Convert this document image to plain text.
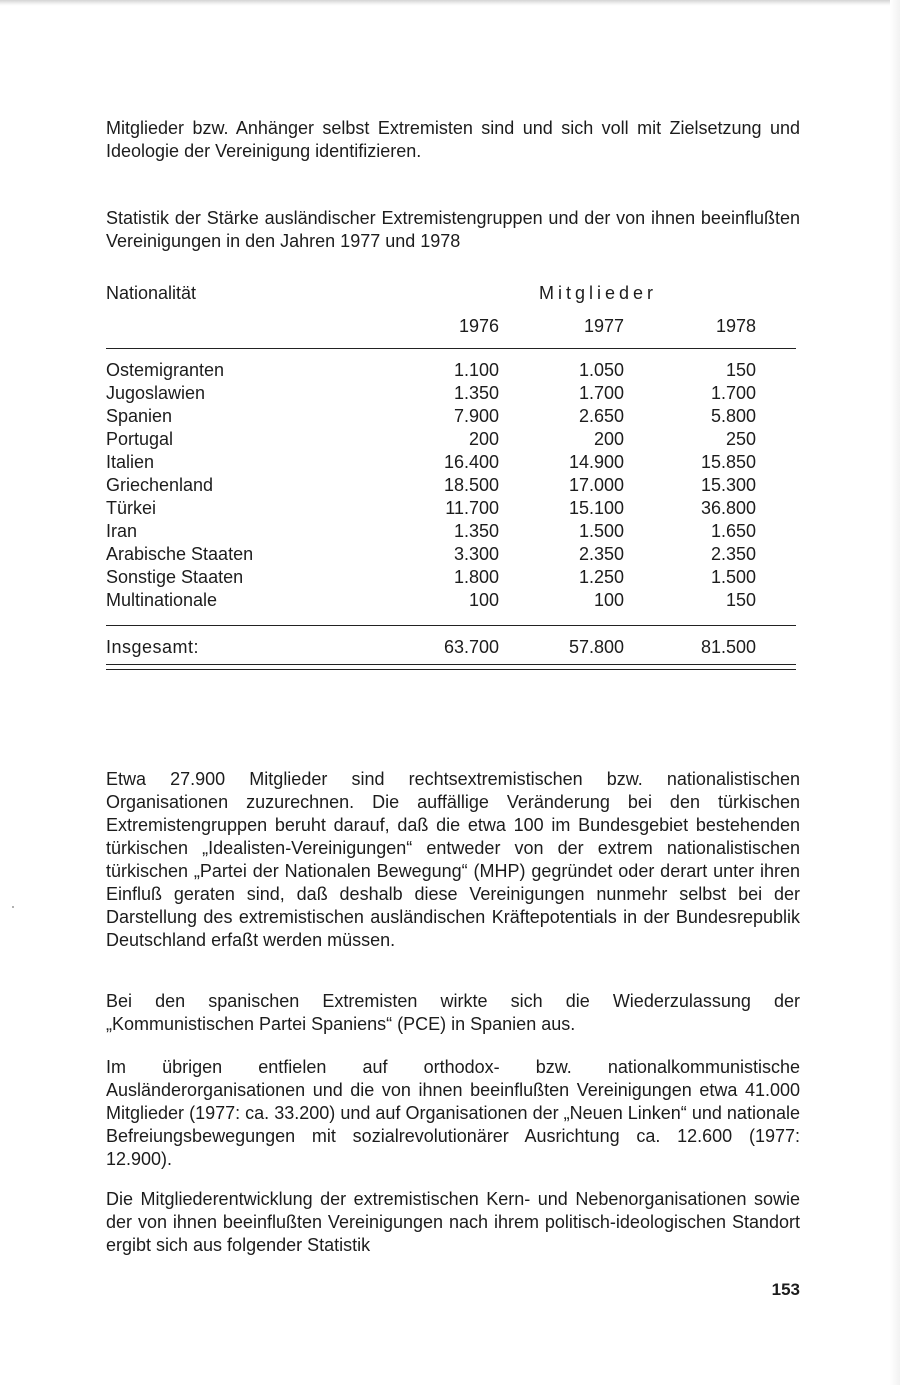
Mitglieder bzw. Anhänger selbst Extremisten sind und sich voll mit Zielsetzung und Ideologie der Vereinigung identifizieren.

Statistik der Stärke ausländischer Extremistengruppen und der von ihnen beeinflußten Vereinigungen in den Jahren 1977 und 1978

Nationalität	Mitglieder
1976	1977	1978
Ostemigranten	1.100	1.050	150
Jugoslawien	1.350	1.700	1.700
Spanien	7.900	2.650	5.800
Portugal	200	200	250
Italien	16.400	14.900	15.850
Griechenland	18.500	17.000	15.300
Türkei	11.700	15.100	36.800
Iran	1.350	1.500	1.650
Arabische Staaten	3.300	2.350	2.350
Sonstige Staaten	1.800	1.250	1.500
Multinationale	100	100	150
Insgesamt:	63.700	57.800	81.500

Etwa 27.900 Mitglieder sind rechtsextremistischen bzw. nationalistischen Organisationen zuzurechnen. Die auffällige Veränderung bei den türkischen Extremistengruppen beruht darauf, daß die etwa 100 im Bundesgebiet bestehenden türkischen „Idealisten-Vereinigungen“ entweder von der extrem nationalistischen türkischen „Partei der Nationalen Bewegung“ (MHP) gegründet oder derart unter ihren Einfluß geraten sind, daß deshalb diese Vereinigungen nunmehr selbst bei der Darstellung des extremistischen ausländischen Kräftepotentials in der Bundesrepublik Deutschland erfaßt werden müssen.

Bei den spanischen Extremisten wirkte sich die Wiederzulassung der „Kommunistischen Partei Spaniens“ (PCE) in Spanien aus.

Im übrigen entfielen auf orthodox- bzw. nationalkommunistische Ausländerorganisationen und die von ihnen beeinflußten Vereinigungen etwa 41.000 Mitglieder (1977: ca. 33.200) und auf Organisationen der „Neuen Linken“ und nationale Befreiungsbewegungen mit sozialrevolutionärer Ausrichtung ca. 12.600 (1977: 12.900).

Die Mitgliederentwicklung der extremistischen Kern- und Nebenorganisationen sowie der von ihnen beeinflußten Vereinigungen nach ihrem politisch-ideologischen Standort ergibt sich aus folgender Statistik

153
